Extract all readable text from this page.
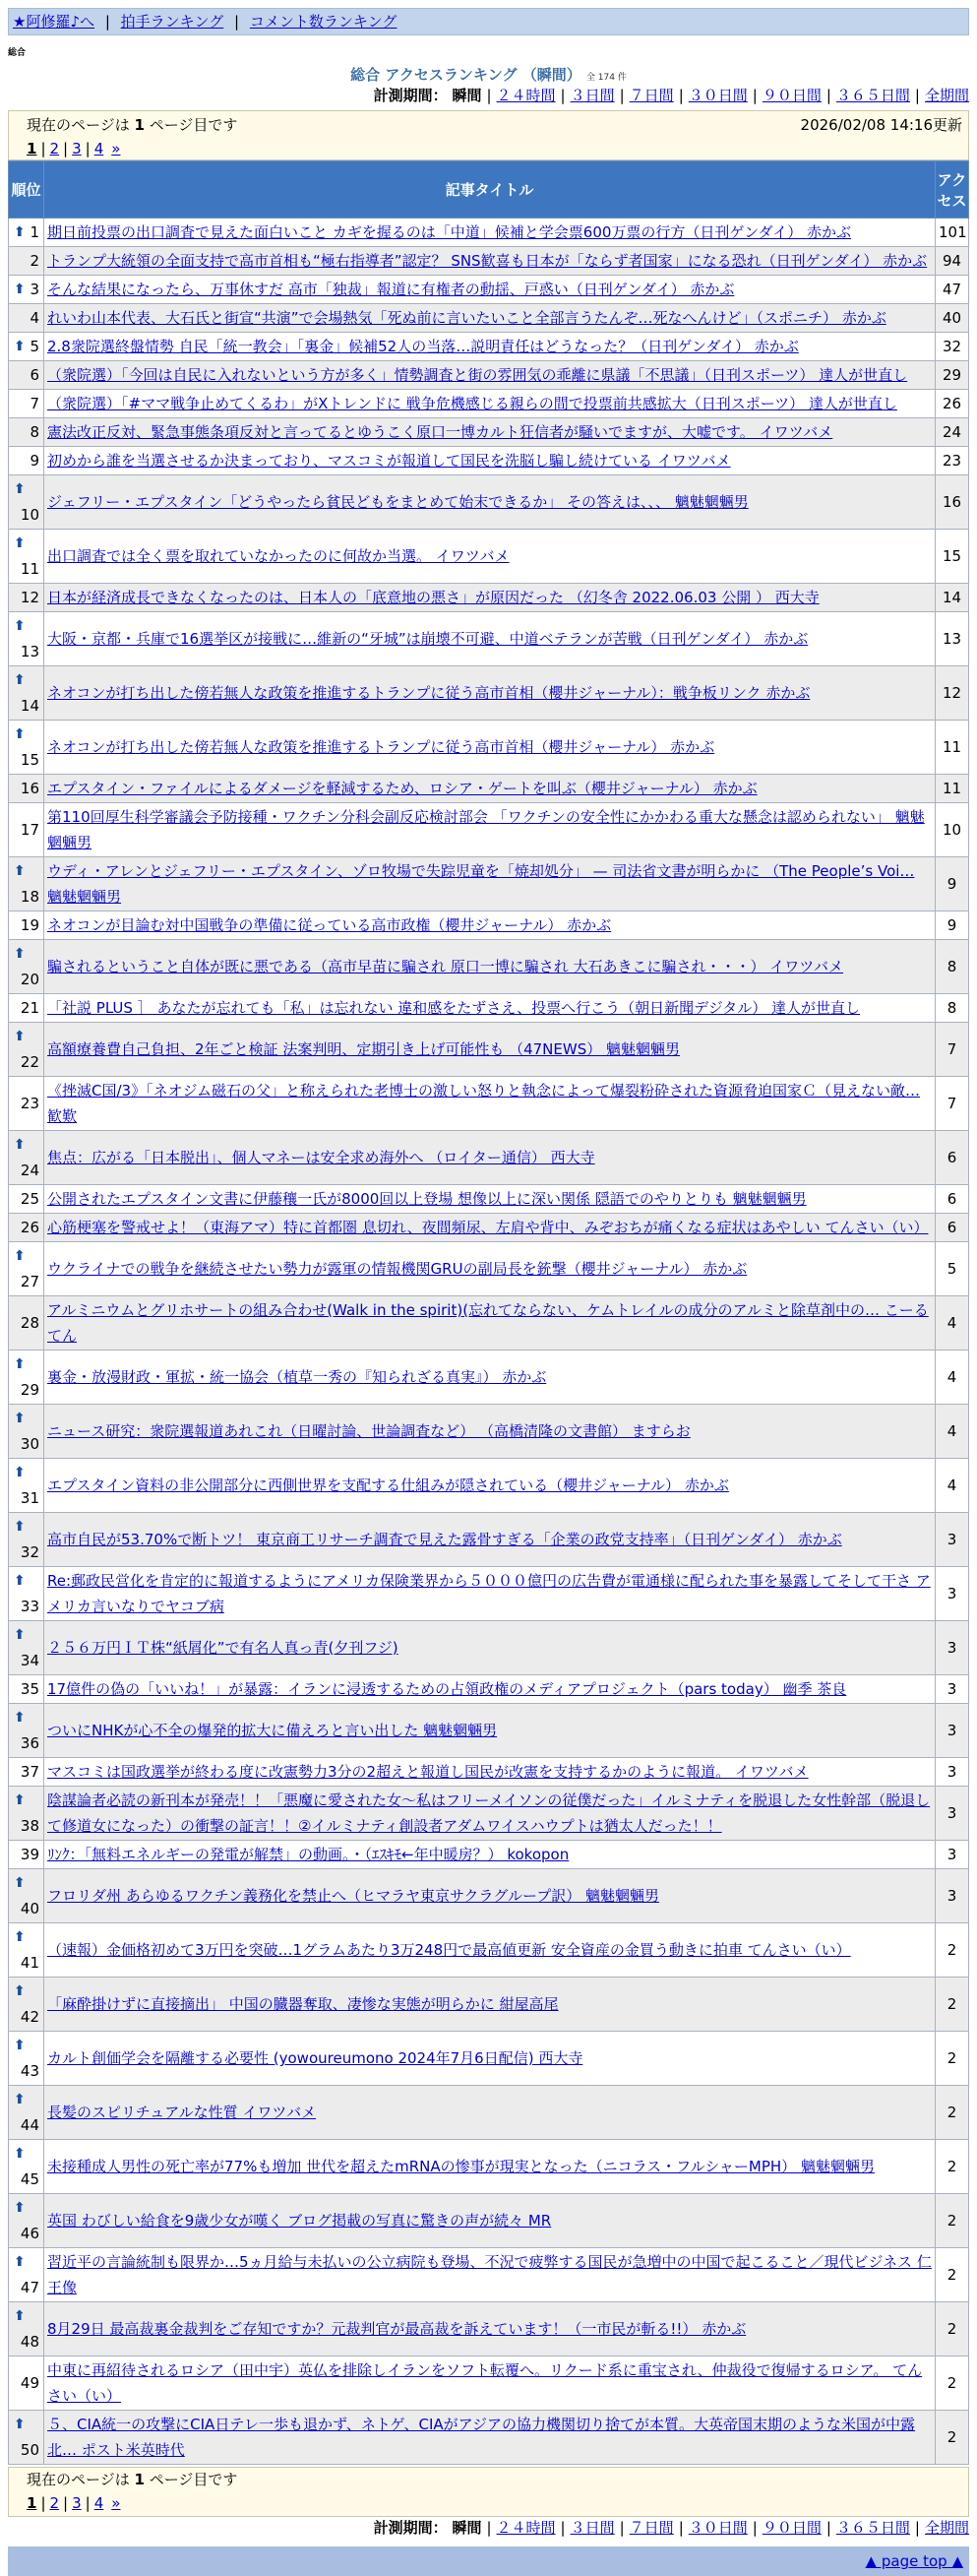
★阿修羅♪へ | 拍手ランキング | コメント数ランキング
総合
総合 アクセスランキング （瞬間） 全 174 件
計測期間： 瞬間 | ２４時間 | ３日間 | ７日間 | ３０日間 | ９０日間 | ３６５日間 | 全期間
現在のページは 1 ページ目です	2026/02/08 14:16更新
1 | 2 | 3 | 4 »
順位	記事タイトル	アクセス

⬆ 1	期日前投票の出口調査で見えた面白いこと カギを握るのは「中道」候補と学会票600万票の行方（日刊ゲンダイ） 赤かぶ	101
2	トランプ大統領の全面支持で高市首相も“極右指導者”認定？ SNS歓喜も日本が「ならず者国家」になる恐れ（日刊ゲンダイ） 赤かぶ	94

⬆ 3	そんな結果になったら、万事休すだ 高市「独裁」報道に有権者の動揺、戸惑い（日刊ゲンダイ） 赤かぶ	47
4	れいわ山本代表、大石氏と街宣“共演”で会場熱気「死ぬ前に言いたいこと全部言うたんぞ…死なへんけど」（スポニチ） 赤かぶ	40

⬆ 5	2.8衆院選終盤情勢 自民「統一教会」「裏金」候補52人の当落…説明責任はどうなった？（日刊ゲンダイ） 赤かぶ	32
6	（衆院選）「今回は自民に入れないという方が多く」情勢調査と街の雰囲気の乖離に県議「不思議」（日刊スポーツ） 達人が世直し	29
7	（衆院選）「#ママ戦争止めてくるわ」がXトレンドに 戦争危機感じる親らの間で投票前共感拡大（日刊スポーツ） 達人が世直し	26
8	憲法改正反対、緊急事態条項反対と言ってるとゆうこく原口一博カルト狂信者が騒いでますが、大嘘です。 イワツバメ	24
9	初めから誰を当選させるか決まっており、マスコミが報道して国民を洗脳し騙し続けている イワツバメ	23

⬆
10	ジェフリー・エプスタイン「どうやったら貧民どもをまとめて始末できるか」 その答えは、、、 魑魅魍魎男	16

⬆
11	出口調査では全く票を取れていなかったのに何故か当選。 イワツバメ	15
12	日本が経済成長できなくなったのは、日本人の「底意地の悪さ」が原因だった （幻冬舎 2022.06.03 公開 ） 西大寺	14

⬆
13	大阪・京都・兵庫で16選挙区が接戦に…維新の“牙城”は崩壊不可避、中道ベテランが苦戦（日刊ゲンダイ） 赤かぶ	13

⬆
14	ネオコンが打ち出した傍若無人な政策を推進するトランプに従う高市首相（櫻井ジャーナル）：戦争板リンク 赤かぶ	12

⬆
15	ネオコンが打ち出した傍若無人な政策を推進するトランプに従う高市首相（櫻井ジャーナル） 赤かぶ	11
16	エプスタイン・ファイルによるダメージを軽減するため、ロシア・ゲートを叫ぶ（櫻井ジャーナル） 赤かぶ	11
17	第110回厚生科学審議会予防接種・ワクチン分科会副反応検討部会 「ワクチンの安全性にかかわる重大な懸念は認められない」 魑魅魍魎男	10

⬆
18	ウディ・アレンとジェフリー・エプスタイン、ゾロ牧場で失踪児童を「焼却処分」 — 司法省文書が明らかに （The People’s Voi… 魑魅魍魎男	9
19	ネオコンが目論む対中国戦争の準備に従っている高市政権（櫻井ジャーナル） 赤かぶ	9

⬆
20	騙されるということ自体が既に悪である（高市早苗に騙され 原口一博に騙され 大石あきこに騙され・・・） イワツバメ	8
21	「社説 PLUS ］ あなたが忘れても「私」は忘れない 違和感をたずさえ、投票へ行こう（朝日新聞デジタル） 達人が世直し	8

⬆
22	高額療養費自己負担、2年ごと検証 法案判明、定期引き上げ可能性も （47NEWS） 魑魅魍魎男	7
23	《挫滅C国/3》「ネオジム磁石の父」と称えられた老博士の激しい怒りと執念によって爆裂粉砕された資源脅迫国家Ｃ（見えない敵… 歓歎	7

⬆
24	焦点：広がる「日本脱出」、個人マネーは安全求め海外へ （ロイター通信） 西大寺	6
25	公開されたエプスタイン文書に伊藤穰一氏が8000回以上登場 想像以上に深い関係 隠語でのやりとりも 魑魅魍魎男	6
26	心筋梗塞を警戒せよ！（東海アマ）特に首都圏 息切れ、夜間頻尿、左肩や背中、みぞおちが痛くなる症状はあやしい てんさい（い）	6

⬆
27	ウクライナでの戦争を継続させたい勢力が露軍の情報機関GRUの副局長を銃撃（櫻井ジャーナル） 赤かぶ	5
28	アルミニウムとグリホサートの組み合わせ(Walk in the spirit)(忘れてならない、ケムトレイルの成分のアルミと除草剤中の… こーるてん	4

⬆
29	裏金・放漫財政・軍拡・統一協会（植草一秀の『知られざる真実』） 赤かぶ	4

⬆
30	ニュース研究：衆院選報道あれこれ（日曜討論、世論調査など） （高橋清隆の文書館） ますらお	4

⬆
31	エプスタイン資料の非公開部分に西側世界を支配する仕組みが隠されている（櫻井ジャーナル） 赤かぶ	4

⬆
32	高市自民が53.70%で断トツ！ 東京商工リサーチ調査で見えた露骨すぎる「企業の政党支持率」（日刊ゲンダイ） 赤かぶ	3

⬆
33	Re:郵政民営化を肯定的に報道するようにアメリカ保険業界から５０００億円の広告費が電通様に配られた事を暴露してそして干さ アメリカ言いなりでヤコブ病	3

⬆
34	２５６万円ＩＴ株“紙屑化”で有名人真っ青(夕刊フジ)	3
35	17億件の偽の「いいね！」が暴露：イランに浸透するための占領政権のメディアプロジェクト（pars today） 幽季 茶良	3

⬆
36	ついにNHKが心不全の爆発的拡大に備えろと言い出した 魑魅魍魎男	3
37	マスコミは国政選挙が終わる度に改憲勢力3分の2超えと報道し国民が改憲を支持するかのように報道。 イワツバメ	3

⬆
38	陰謀論者必読の新刊本が発売！！「悪魔に愛された女〜私はフリーメイソンの従僕だった」イルミナティを脱退した女性幹部（脱退して修道女になった）の衝撃の証言！！②イルミナティ創設者アダムワイスハウプトは猶太人だった！！	3
39	ﾘﾝｸ：「無料エネルギーの発電が解禁」の動画。・（ｴｽｷﾓ←年中暖房？） kokopon	3

⬆
40	フロリダ州 あらゆるワクチン義務化を禁止へ（ヒマラヤ東京サクラグループ訳） 魑魅魍魎男	3

⬆
41	（速報）金価格初めて3万円を突破…1グラムあたり3万248円で最高値更新 安全資産の金買う動きに拍車 てんさい（い）	2

⬆
42	「麻酔掛けずに直接摘出」 中国の臓器奪取、凄惨な実態が明らかに 紺屋高尾	2

⬆
43	カルト創価学会を隔離する必要性 (yowoureumono 2024年7月6日配信) 西大寺	2

⬆
44	長髪のスピリチュアルな性質 イワツバメ	2

⬆
45	未接種成人男性の死亡率が77%も増加 世代を超えたmRNAの惨事が現実となった（ニコラス・フルシャーMPH） 魑魅魍魎男	2

⬆
46	英国 わびしい給食を9歳少女が嘆く ブログ掲載の写真に驚きの声が続々 MR	2

⬆
47	習近平の言論統制も限界か…5ヵ月給与未払いの公立病院も登場、不況で疲弊する国民が急増中の中国で起こること／現代ビジネス 仁王像	2

⬆
48	8月29日 最高裁裏金裁判をご存知ですか？元裁判官が最高裁を訴えています！（一市民が斬る!!） 赤かぶ	2
49	中東に再紹待されるロシア（田中宇）英仏を排除しイランをソフト転覆へ。リクード系に重宝され、仲裁役で復帰するロシア。 てんさい（い）	2

⬆
50	５、CIA統一の攻撃にCIA日テレ一歩も退かず、ネトゲ、CIAがアジアの協力機関切り捨てが本質。大英帝国末期のような米国が中露北… ポスト米英時代	2
現在のページは 1 ページ目です
1 | 2 | 3 | 4 »
計測期間： 瞬間 | ２４時間 | ３日間 | ７日間 | ３０日間 | ９０日間 | ３６５日間 | 全期間
▲ page top ▲
